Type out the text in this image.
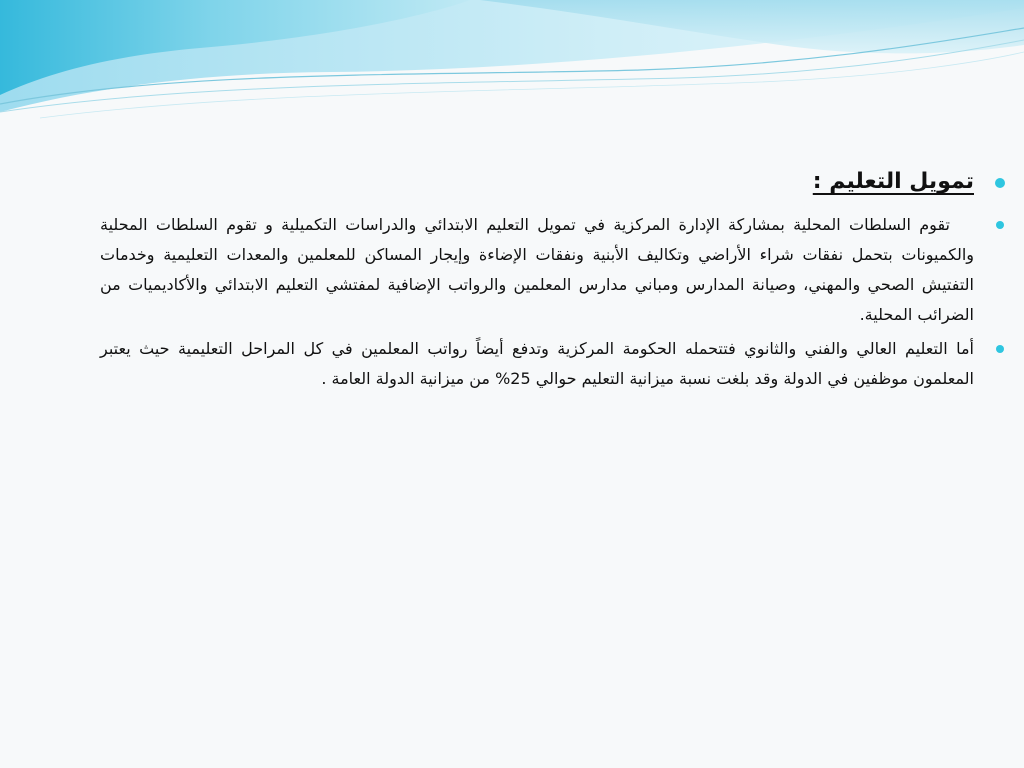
تمويل التعليم :
تقوم السلطات المحلية بمشاركة الإدارة المركزية في تمويل التعليم الابتدائي والدراسات التكميلية و تقوم السلطات المحلية والكميونات بتحمل نفقات شراء الأراضي وتكاليف الأبنية ونفقات الإضاءة وإيجار المساكن للمعلمين والمعدات التعليمية وخدمات التفتيش الصحي والمهني، وصيانة المدارس ومباني مدارس المعلمين والرواتب الإضافية لمفتشي التعليم الابتدائي والأكاديميات من الضرائب المحلية.
أما التعليم العالي والفني والثانوي فتتحمله الحكومة المركزية وتدفع أيضاً رواتب المعلمين في كل المراحل التعليمية حيث يعتبر المعلمون موظفين في الدولة وقد بلغت نسبة ميزانية التعليم حوالي 25% من ميزانية الدولة العامة .
